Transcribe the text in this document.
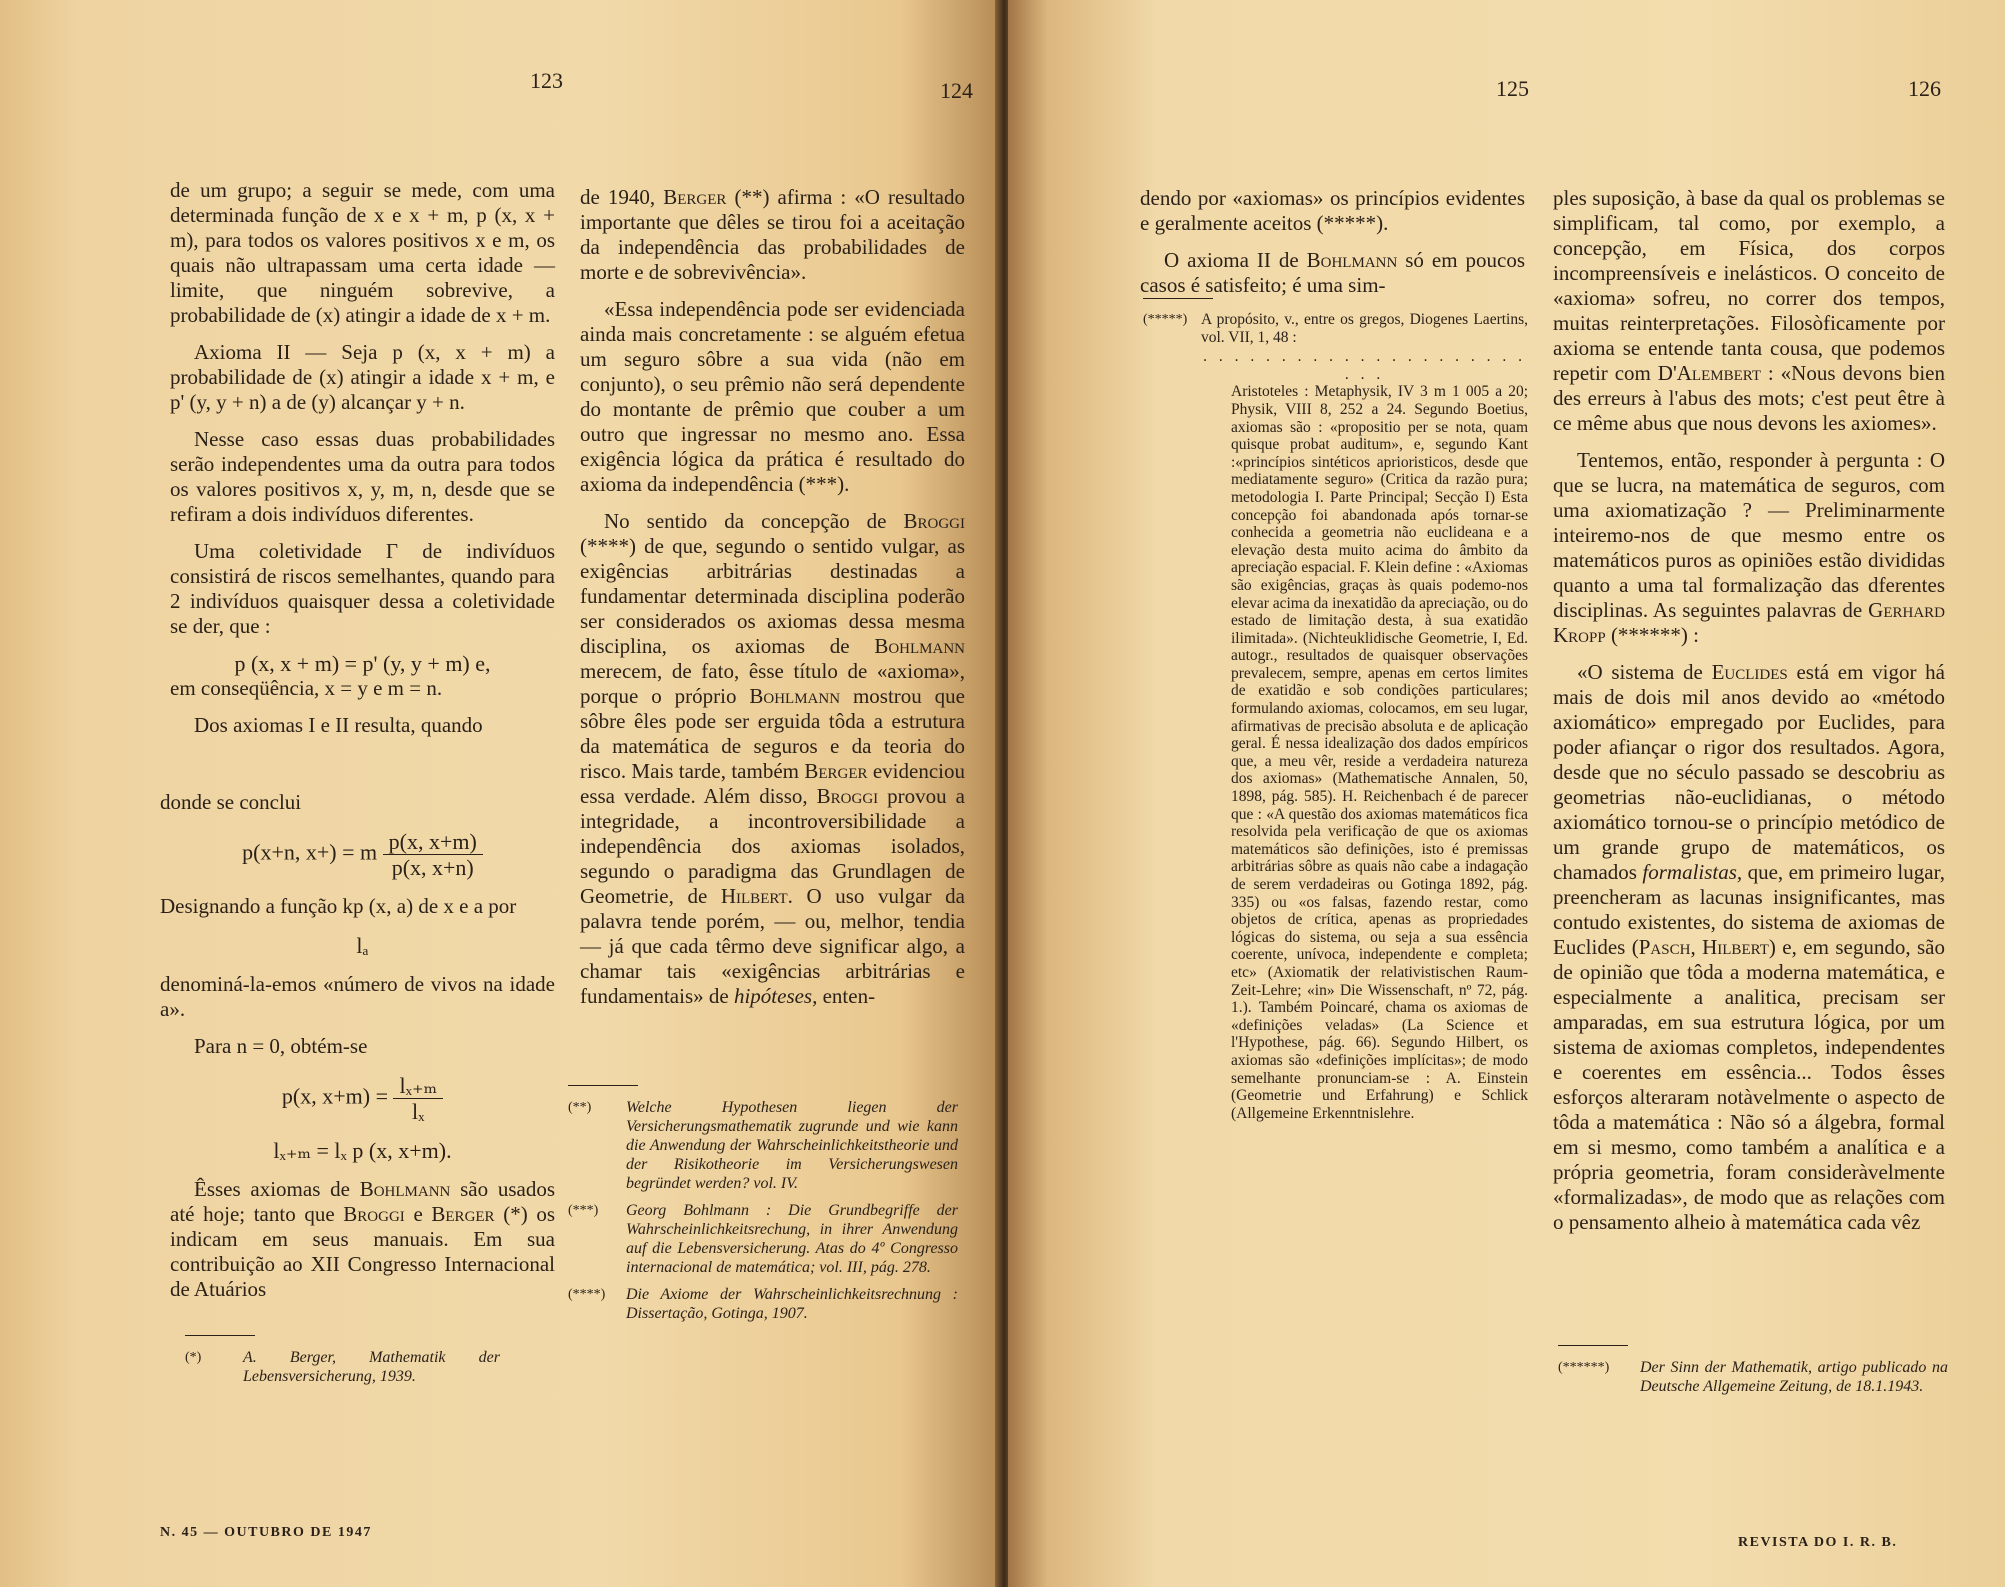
123	124

de um grupo; a seguir se mede, com uma determinada função de x e x + m, p (x, x + m), para todos os valores positivos x e m, os quais não ultrapassam uma certa idade — limite, que ninguém sobrevive, a probabilidade de (x) atingir a idade de x + m.

Axioma II — Seja p (x, x + m) a probabilidade de (x) atingir a idade x + m, e p' (y, y + n) a de (y) alcançar y + n.

Nesse caso essas duas probabilidades serão independentes uma da outra para todos os valores positivos x, y, m, n, desde que se refiram a dois indivíduos diferentes.

Uma coletividade Γ de indivíduos consistirá de riscos semelhantes, quando para 2 indivíduos quaisquer dessa a coletividade se der, que :

p (x, x + m) = p' (y, y + m) e,

em conseqüência, x = y e m = n.

Dos axiomas I e II resulta, quando

donde se conclui

p(x+n, x+) = m $\frac{p(x, x+m)}{p(x, x+n)}$

Designando a função kp (x, a) de x e a por

lₐ

denominá-la-emos «número de vivos na idade a».

Para n = 0, obtém-se

p(x, $x+m) = \frac{\text{lₓ₊ₘ}}{\text{lₓ}}$
lₓ₊ₘ = lₓ p (x, x+m).

Êsses axiomas de Bohlmann são usados até hoje; tanto que Broggi e Berger (*) os indicam em seus manuais. Em sua contribuição ao XII Congresso Internacional de Atuários

(*)	A. Berger, Mathematik der Lebensversicherung, 1939.

de 1940, Berger (**) afirma : «O resultado importante que dêles se tirou foi a aceitação da independência das probabilidades de morte e de sobrevivência».

«Essa independência pode ser evidenciada ainda mais concretamente : se alguém efetua um seguro sôbre a sua vida (não em conjunto), o seu prêmio não será dependente do montante de prêmio que couber a um outro que ingressar no mesmo ano. Essa exigência lógica da prática é resultado do axioma da independência (***).

No sentido da concepção de Broggi (****) de que, segundo o sentido vulgar, as exigências arbitrárias destinadas a fundamentar determinada disciplina poderão ser considerados os axiomas dessa mesma disciplina, os axiomas de Bohlmann merecem, de fato, êsse título de «axioma», porque o próprio Bohlmann mostrou que sôbre êles pode ser erguida tôda a estrutura da matemática de seguros e da teoria do risco. Mais tarde, também Berger evidenciou essa verdade. Além disso, Broggi provou a integridade, a incontroversibilidade a independência dos axiomas isolados, segundo o paradigma das Grundlagen de Geometrie, de Hilbert. O uso vulgar da palavra tende porém, — ou, melhor, tendia — já que cada têrmo deve significar algo, a chamar tais «exigências arbitrárias e fundamentais» de hipóteses, enten-

(**)	Welche Hypothesen liegen der Versicherungsmathematik zugrunde und wie kann die Anwendung der Wahrscheinlichkeitstheorie und der Risikotheorie im Versicherungswesen begründet werden? vol. IV.
(***)	Georg Bohlmann : Die Grundbegriffe der Wahrscheinlichkeitsrechung, in ihrer Anwendung auf die Lebensversicherung. Atas do 4º Congresso internacional de matemática; vol. III, pág. 278.
(****)	Die Axiome der Wahrscheinlichkeitsrechnung : Dissertação, Gotinga, 1907.
N. 45 — OUTUBRO DE 1947
125	126

dendo por «axiomas» os princípios evidentes e geralmente aceitos (*****).

O axioma II de Bohlmann só em poucos casos é satisfeito; é uma sim-

(*****) A propósito, v., entre os gregos, Diogenes Laertins, vol. VII, 1, 48 :
. . . . . . . . . . . . . . . . . . . . . . . .
Aristoteles : Metaphysik, IV 3 m 1 005 a 20; Physik, VIII 8, 252 a 24. Segundo Boetius, axiomas são : «propositio per se nota, quam quisque probat auditum», e, segundo Kant :«princípios sintéticos aprioristicos, desde que mediatamente seguro» (Critica da razão pura; metodologia I. Parte Principal; Secção I) Esta concepção foi abandonada após tornar-se conhecida a geometria não euclideana e a elevação desta muito acima do âmbito da apreciação espacial. F. Klein define : «Axiomas são exigências, graças às quais podemo-nos elevar acima da inexatidão da apreciação, ou do estado de limitação desta, à sua exatidão ilimitada». (Nichteuklidische Geometrie, I, Ed. autogr., resultados de quaisquer observações prevalecem, sempre, apenas em certos limites de exatidão e sob condições particulares; formulando axiomas, colocamos, em seu lugar, afirmativas de precisão absoluta e de aplicação geral. É nessa idealização dos dados empíricos que, a meu vêr, reside a verdadeira natureza dos axiomas» (Mathematische Annalen, 50, 1898, pág. 585). H. Reichenbach é de parecer que : «A questão dos axiomas matemáticos fica resolvida pela verificação de que os axiomas matemáticos são definições, isto é premissas arbitrárias sôbre as quais não cabe a indagação de serem verdadeiras ou Gotinga 1892, pág. 335) ou «os falsas, fazendo restar, como objetos de crítica, apenas as propriedades lógicas do sistema, ou seja a sua essência coerente, unívoca, independente e completa; etc» (Axiomatik der relativistischen Raum-Zeit-Lehre; «in» Die Wissenschaft, nº 72, pág. 1.). Também Poincaré, chama os axiomas de «definições veladas» (La Science et l'Hypothese, pág. 66). Segundo Hilbert, os axiomas são «definições implícitas»; de modo semelhante pronunciam-se : A. Einstein (Geometrie und Erfahrung) e Schlick (Allgemeine Erkenntnislehre.

ples suposição, à base da qual os problemas se simplificam, tal como, por exemplo, a concepção, em Física, dos corpos incompreensíveis e inelásticos. O conceito de «axioma» sofreu, no correr dos tempos, muitas reinterpretações. Filosòficamente por axioma se entende tanta cousa, que podemos repetir com D'Alembert : «Nous devons bien des erreurs à l'abus des mots; c'est peut être à ce même abus que nous devons les axiomes».

Tentemos, então, responder à pergunta : O que se lucra, na matemática de seguros, com uma axiomatização ? — Preliminarmente inteiremo-nos de que mesmo entre os matemáticos puros as opiniões estão divididas quanto a uma tal formalização das dferentes disciplinas. As seguintes palavras de Gerhard Kropp (******) :

«O sistema de Euclides está em vigor há mais de dois mil anos devido ao «método axiomático» empregado por Euclides, para poder afiançar o rigor dos resultados. Agora, desde que no século passado se descobriu as geometrias não-euclidianas, o método axiomático tornou-se o princípio metódico de um grande grupo de matemáticos, os chamados formalistas, que, em primeiro lugar, preencheram as lacunas insignificantes, mas contudo existentes, do sistema de axiomas de Euclides (Pasch, Hilbert) e, em segundo, são de opinião que tôda a moderna matemática, e especialmente a analitica, precisam ser amparadas, em sua estrutura lógica, por um sistema de axiomas completos, independentes e coerentes em essência... Todos êsses esforços alteraram notàvelmente o aspecto de tôda a matemática : Não só a álgebra, formal em si mesmo, como também a analítica e a própria geometria, foram consideràvelmente «formalizadas», de modo que as relações com o pensamento alheio à matemática cada vêz

(******)	Der Sinn der Mathematik, artigo publicado na Deutsche Allgemeine Zeitung, de 18.1.1943.
REVISTA DO I. R. B.
